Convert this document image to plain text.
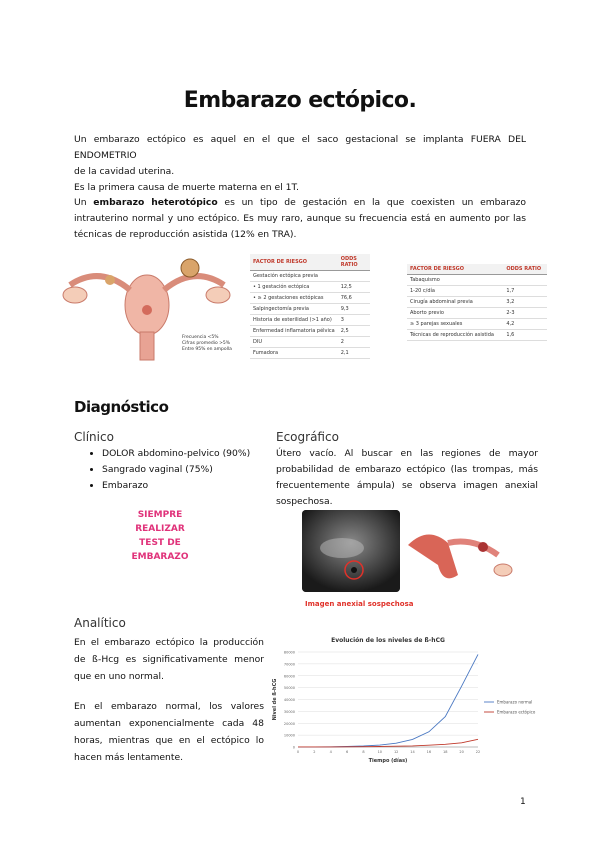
Embarazo ectópico.
Un embarazo ectópico es aquel en el que el saco gestacional se implanta FUERA DEL ENDOMETRIO
de la cavidad uterina.
Es la primera causa de muerte materna en el 1T.
Un embarazo heterotópico es un tipo de gestación en la que coexisten un embarazo intrauterino normal y uno ectópico. Es muy raro, aunque su frecuencia está en aumento por las técnicas de reproducción asistida (12% en TRA).
Frecuencia <5%
Cifras promedio >5%
Entre 95% en ampolla
FACTOR DE RIESGO	ODDS RATIO
Gestación ectópica previa	
• 1 gestación ectópica	12,5
• ≥ 2 gestaciones ectópicas	76,6
Salpingectomía previa	9,3
Historia de esterilidad (>1 año)	3
Enfermedad inflamatoria pélvica	2,5
DIU	2
Fumadora	2,1
FACTOR DE RIESGO	ODDS RATIO
Tabaquismo	
1-20 c/día	1,7
Cirugía abdominal previa	3,2
Aborto previo	2-3
≥ 3 parejas sexuales	4,2
Técnicas de reproducción asistida	1,6
Diagnóstico
Clínico
• DOLOR abdomino-pelvico (90%)
• Sangrado vaginal (75%)
• Embarazo
SIEMPRE
REALIZAR
TEST DE
EMBARAZO
Ecográfico
Útero vacío. Al buscar en las regiones de mayor probabilidad de embarazo ectópico (las trompas, más frecuentemente ámpula) se observa imagen anexial sospechosa.
Imagen anexial sospechosa
Analítico
En el embarazo ectópico la producción de ß-Hcg es significativamente menor que en uno normal.
En el embarazo normal, los valores aumentan exponencialmente cada 48 horas, mientras que en el ectópico lo hacen más lentamente.
Evolución de los niveles de ß-hCG
0
10000
20000
30000
40000
50000
60000
70000
80000
0	2	4	6	8	10	12	14	16	18	20	22
Tiempo (días)
Nivel de ß-hCG	Embarazo normal
Embarazo ectópico
1
